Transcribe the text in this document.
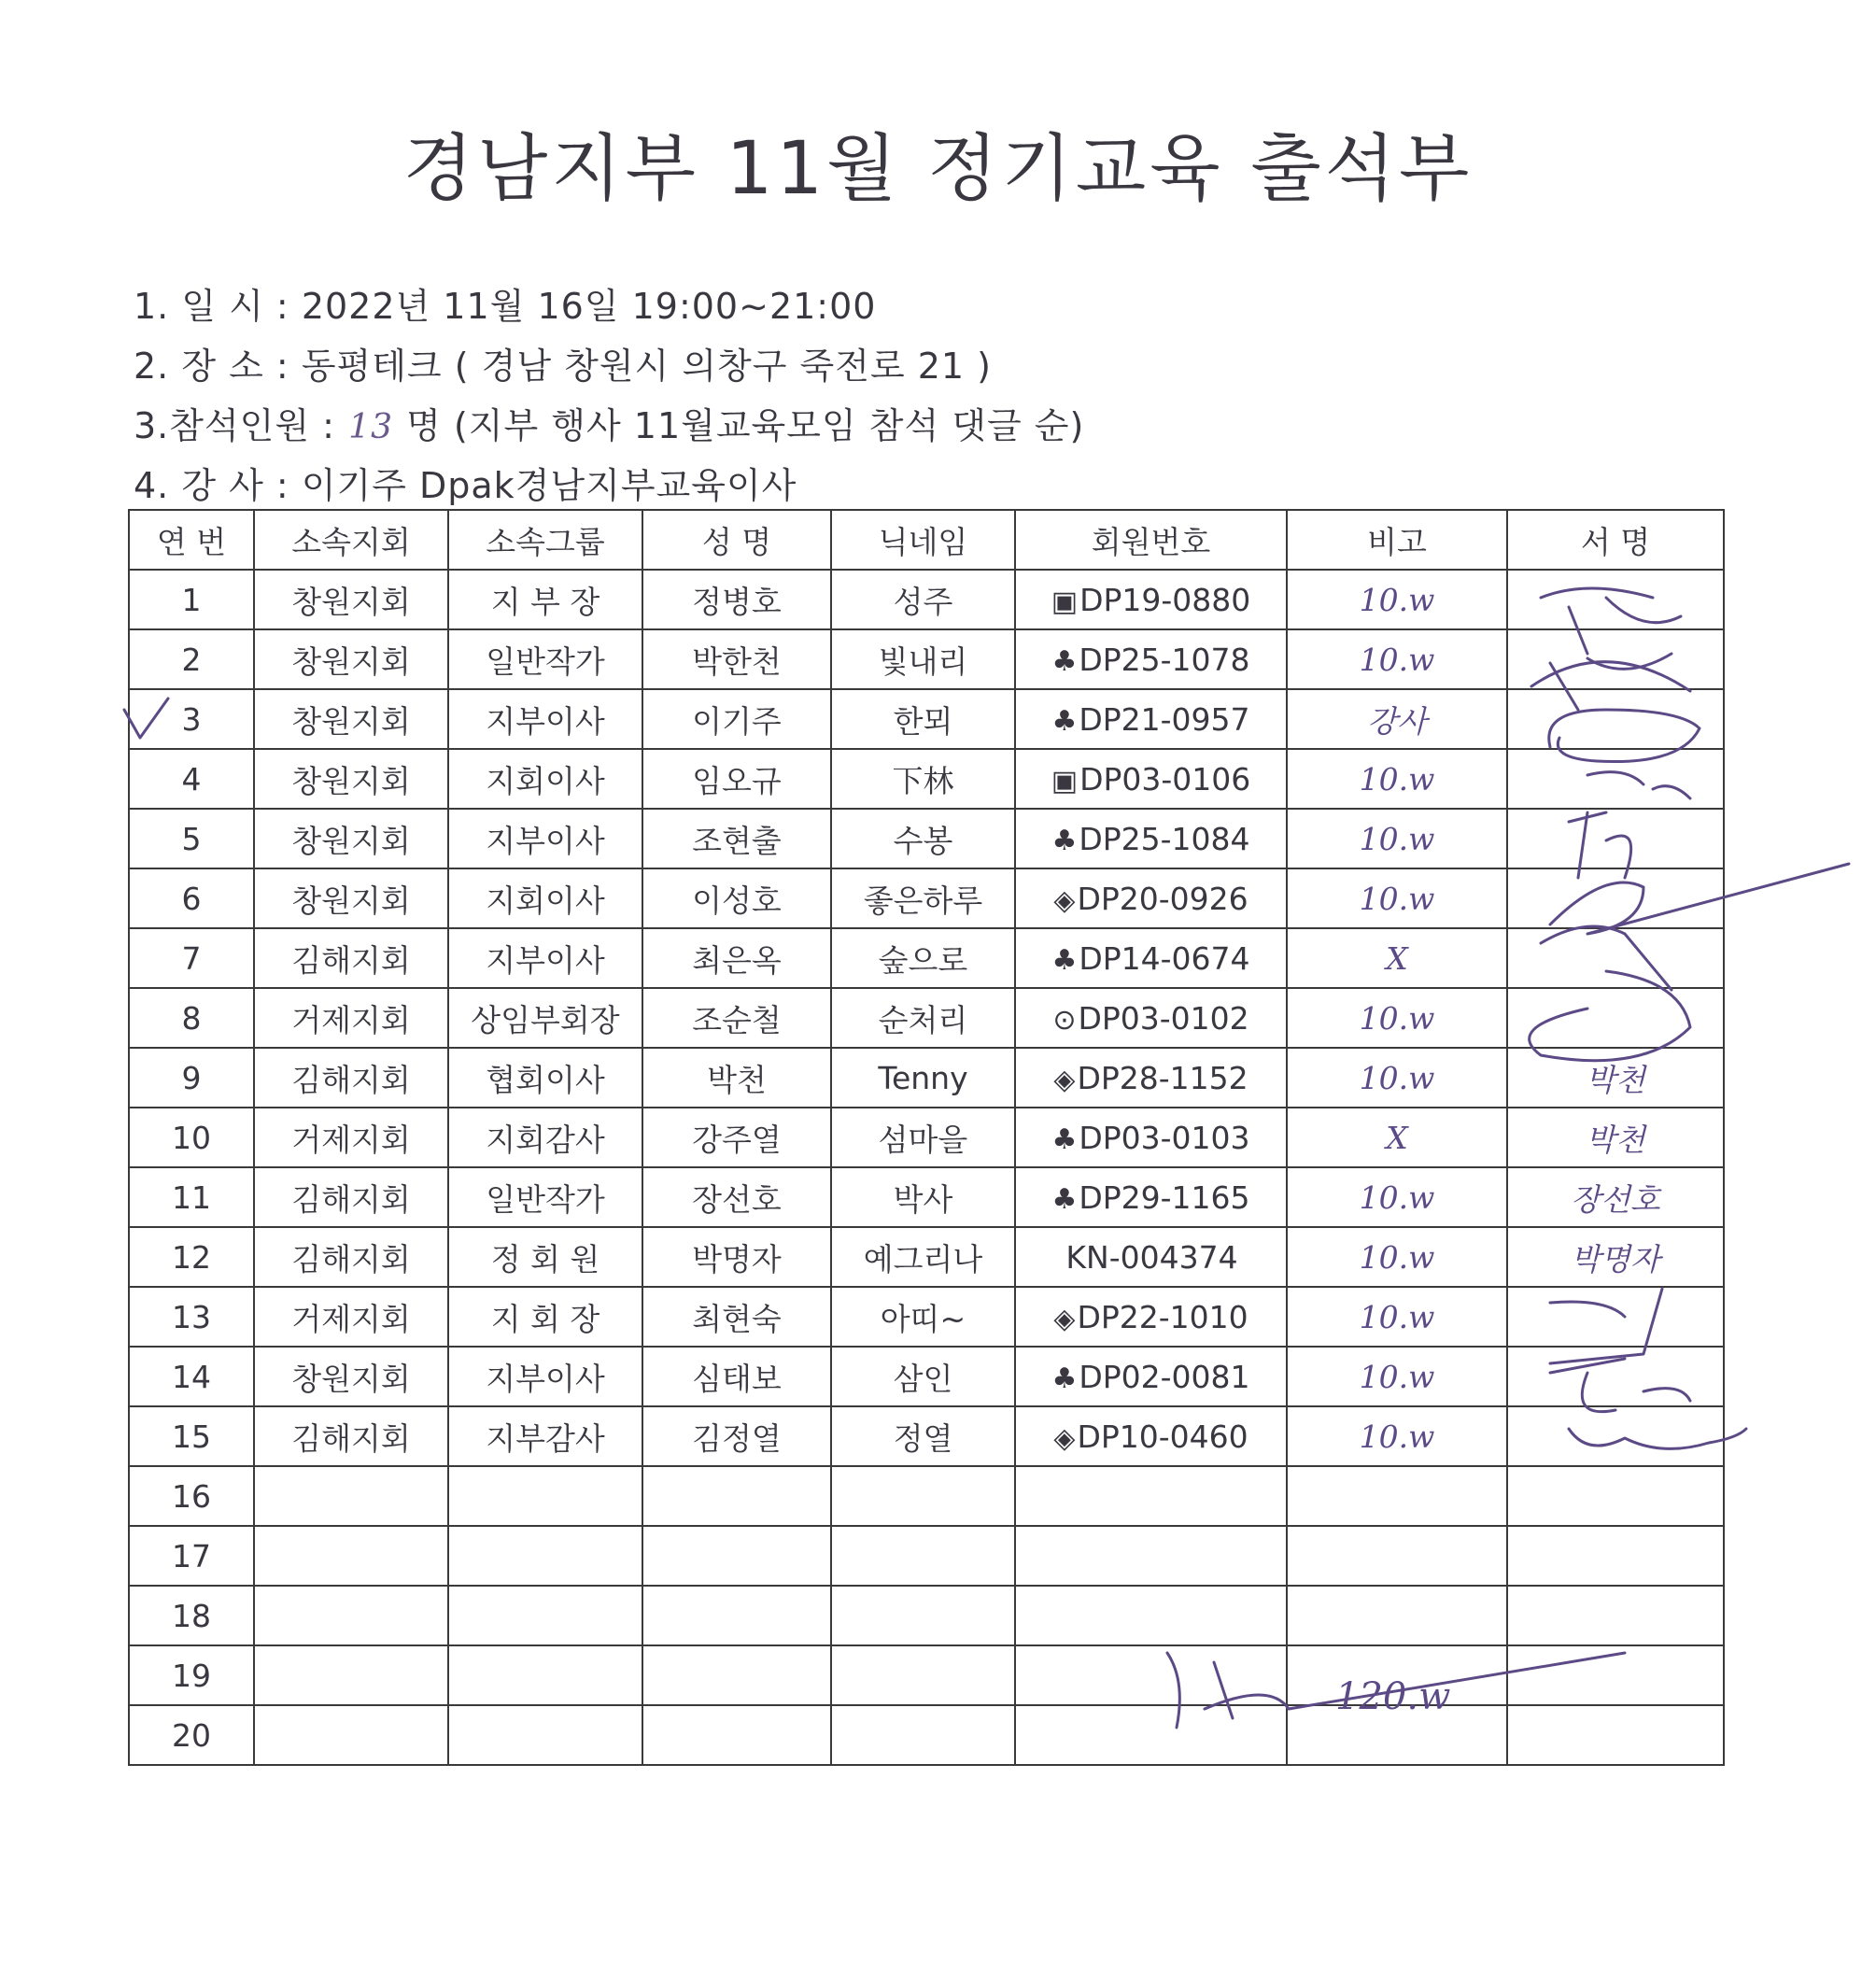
경남지부 11월 정기교육 출석부
1. 일 시 : 2022년 11월 16일 19:00~21:00
2. 장 소 : 동평테크 ( 경남 창원시 의창구 죽전로 21 )
3.참석인원 : 13 명 (지부 행사 11월교육모임 참석 댓글 순)
4. 강 사 : 이기주 Dpak경남지부교육이사
연 번	소속지회	소속그룹	성 명	닉네임	회원번호	비고	서 명
1	창원지회	지 부 장	정병호	성주	▣DP19-0880	10.w	
2	창원지회	일반작가	박한천	빛내리	♣DP25-1078	10.w	
3	창원지회	지부이사	이기주	한뫼	♣DP21-0957	강사	
4	창원지회	지회이사	임오규	下林	▣DP03-0106	10.w	
5	창원지회	지부이사	조현출	수봉	♣DP25-1084	10.w	
6	창원지회	지회이사	이성호	좋은하루	◈DP20-0926	10.w	
7	김해지회	지부이사	최은옥	숲으로	♣DP14-0674	X	
8	거제지회	상임부회장	조순철	순처리	⊙DP03-0102	10.w	
9	김해지회	협회이사	박천	Tenny	◈DP28-1152	10.w	박천
10	거제지회	지회감사	강주열	섬마을	♣DP03-0103	X	박천
11	김해지회	일반작가	장선호	박사	♣DP29-1165	10.w	장선호
12	김해지회	정 회 원	박명자	예그리나	KN-004374	10.w	박명자
13	거제지회	지 회 장	최현숙	아띠~	◈DP22-1010	10.w	
14	창원지회	지부이사	심태보	삼인	♣DP02-0081	10.w	
15	김해지회	지부감사	김정열	정열	◈DP10-0460	10.w	
16							
17							
18							
19							
20							
120.w
